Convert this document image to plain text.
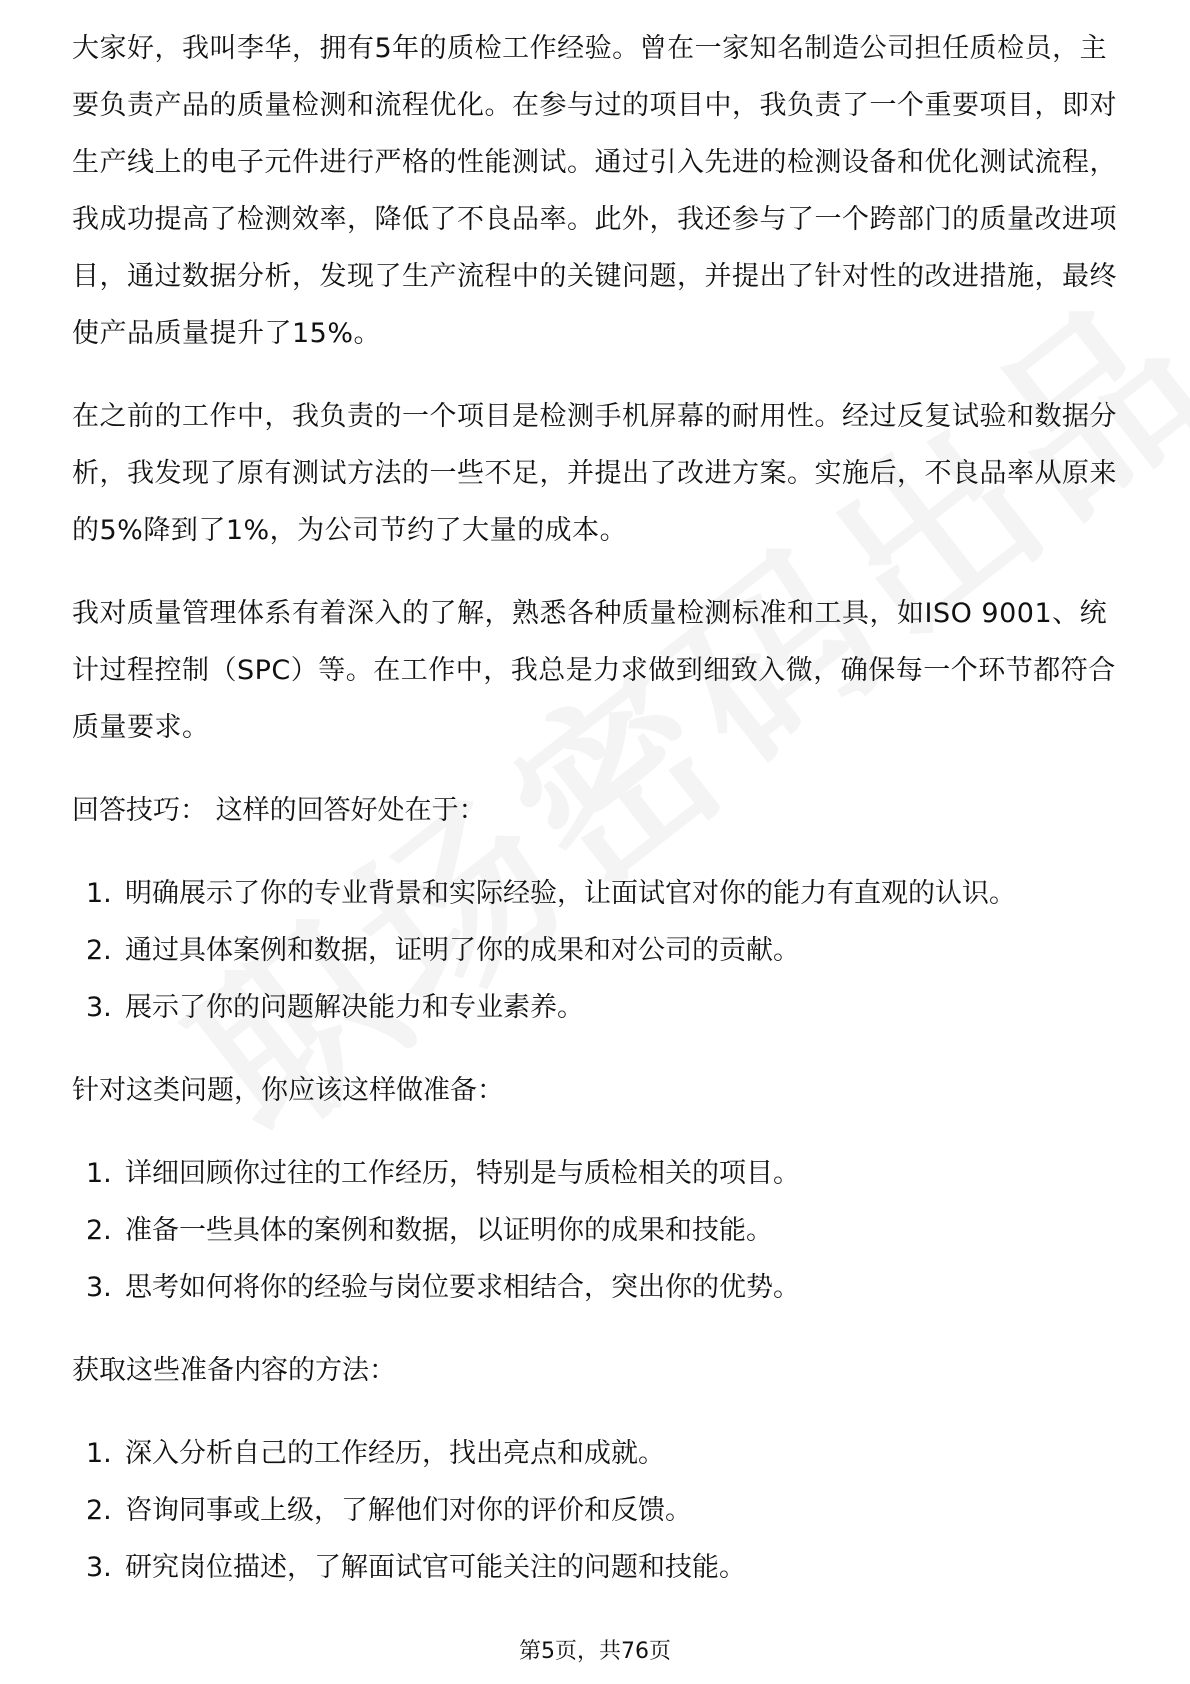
大家好，我叫李华，拥有5年的质检工作经验。曾在一家知名制造公司担任质检员，主要负责产品的质量检测和流程优化。在参与过的项目中，我负责了一个重要项目，即对生产线上的电子元件进行严格的性能测试。通过引入先进的检测设备和优化测试流程，我成功提高了检测效率，降低了不良品率。此外，我还参与了一个跨部门的质量改进项目，通过数据分析，发现了生产流程中的关键问题，并提出了针对性的改进措施，最终使产品质量提升了15%。

在之前的工作中，我负责的一个项目是检测手机屏幕的耐用性。经过反复试验和数据分析，我发现了原有测试方法的一些不足，并提出了改进方案。实施后，不良品率从原来的5%降到了1%，为公司节约了大量的成本。

我对质量管理体系有着深入的了解，熟悉各种质量检测标准和工具，如ISO 9001、统计过程控制（SPC）等。在工作中，我总是力求做到细致入微，确保每一个环节都符合质量要求。

回答技巧： 这样的回答好处在于：

1. 明确展示了你的专业背景和实际经验，让面试官对你的能力有直观的认识。
2. 通过具体案例和数据，证明了你的成果和对公司的贡献。
3. 展示了你的问题解决能力和专业素养。

针对这类问题，你应该这样做准备：

1. 详细回顾你过往的工作经历，特别是与质检相关的项目。
2. 准备一些具体的案例和数据，以证明你的成果和技能。
3. 思考如何将你的经验与岗位要求相结合，突出你的优势。

获取这些准备内容的方法：

1. 深入分析自己的工作经历，找出亮点和成就。
2. 咨询同事或上级，了解他们对你的评价和反馈。
3. 研究岗位描述，了解面试官可能关注的问题和技能。
第5页，共76页
